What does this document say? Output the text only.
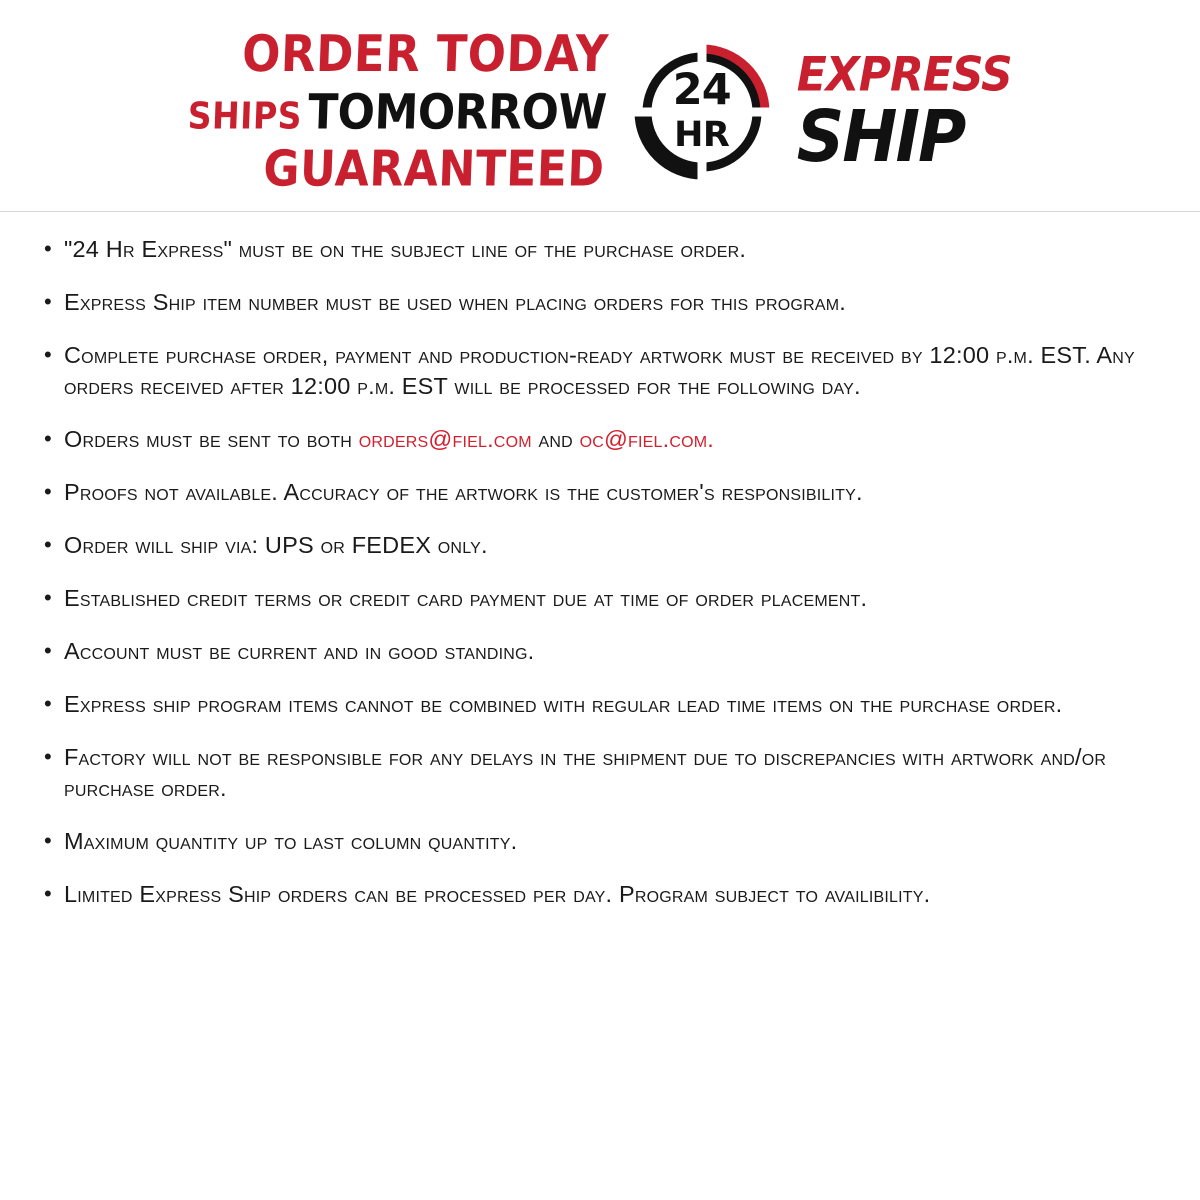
ORDER TODAY
SHIPSTOMORROW
GUARANTEED
24
HR
EXPRESS
SHIP
• "24 Hr Express" must be on the subject line of the purchase order.
• Express Ship item number must be used when placing orders for this program.
• Complete purchase order, payment and production-ready artwork must be received by 12:00 p.m. EST. Any orders received after 12:00 p.m. EST will be processed for the following day.
• Orders must be sent to both orders@fiel.com and oc@fiel.com.
• Proofs not available. Accuracy of the artwork is the customer's responsibility.
• Order will ship via: UPS or FEDEX only.
• Established credit terms or credit card payment due at time of order placement.
• Account must be current and in good standing.
• Express ship program items cannot be combined with regular lead time items on the purchase order.
• Factory will not be responsible for any delays in the shipment due to discrepancies with artwork and/or purchase order.
• Maximum quantity up to last column quantity.
• Limited Express Ship orders can be processed per day. Program subject to availibility.
